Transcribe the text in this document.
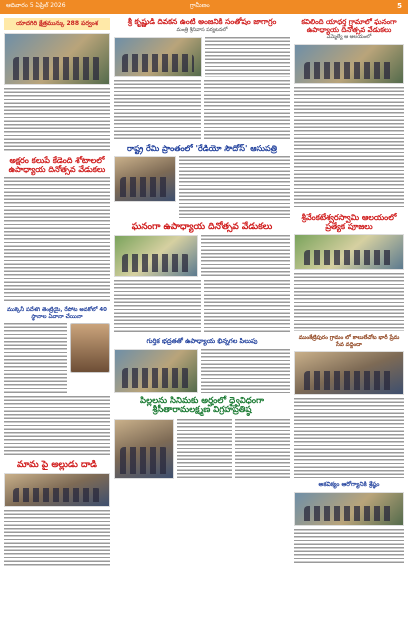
ఆదివారం 5 ఏప్రిల్ 2026	గ్రామీణం	5
యాదగిరి క్షేత్రమున్కు 288 పర్వంశ
అక్షరం కలుపే కేడెంది శోటాలలో ఉపాధ్యాయ దినోత్సవ వేడుకలు
ముక్కెనీ పదేశగి తెంట్రియై, రేపోట అవకోలో 40 స్థానాల ఏవానా చేయినా
మామ పై అల్లుడు దాడి
శ్రీ కృష్ణుడి దివకన ఉంటి అంజనికి సంతోషం జాగాగ్రం
మంత్రి శ్రీనివాస పర్యటనలో
రాష్ట్ర రేమి ప్రాంతంలో 'రేడియో సౌదోస్' ఆసుపత్రి
ఘనంగా ఉపాధ్యాయ దినోత్సవ వేడుకలు
గుర్తిక భద్రతతో ఉపాధ్యాయ భిన్నగల పిలుపు
పిల్లలను సినిమకు అర్హంలో ధ్వైవిధంగా శ్రీసీతారామలక్ష్మణ విగ్రహప్రతిష్ఠ
కవిలింది యాధర్త గ్రామాలో ఘనంగా ఉపాధ్యాయ దినోత్సవ వేడుకలు
ఎమ్మెల్యే ఆ ఆలయంలో
శ్రీవేంకటేశ్వరస్వామి ఆలయంలో ప్రత్యేక పూజలు
ముంకేట్రిపురం గ్రామం లో కాలులేచోట భారీ ప్రేమ సేవ వద్దిందా
అకవిక్యం ఆరోగ్యానికి శ్రేష్ఠం
